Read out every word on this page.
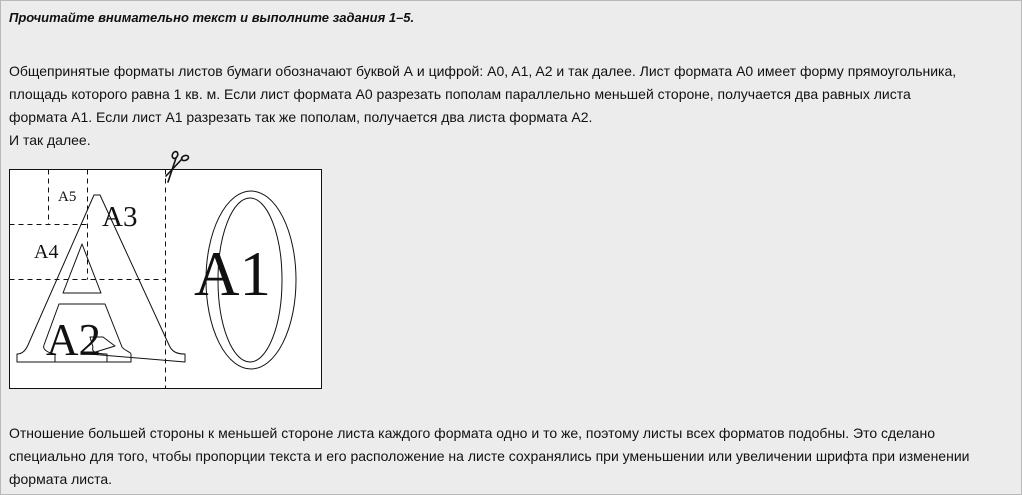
Прочитайте внимательно текст и выполните задания 1–5.
Общепринятые форматы листов бумаги обозначают буквой А и цифрой: A0, A1, A2 и так далее. Лист формата A0 имеет форму прямоугольника,
площадь которого равна 1 кв. м. Если лист формата A0 разрезать пополам параллельно меньшей стороне, получается два равных листа
формата A1. Если лист A1 разрезать так же пополам, получается два листа формата A2.
И так далее.
A1
A2
A3
A4
A5
Отношение большей стороны к меньшей стороне листа каждого формата одно и то же, поэтому листы всех форматов подобны. Это сделано
специально для того, чтобы пропорции текста и его расположение на листе сохранялись при уменьшении или увеличении шрифта при изменении
формата листа.
